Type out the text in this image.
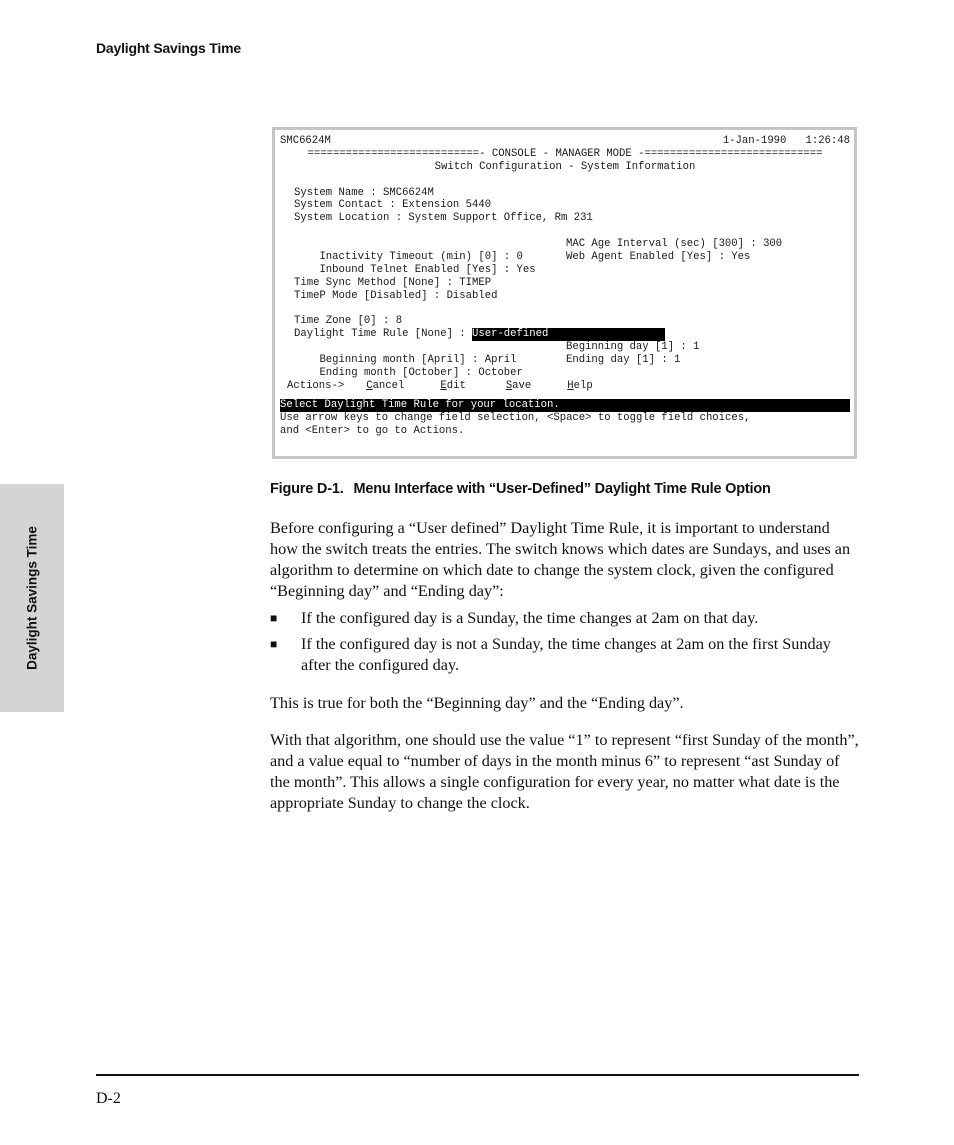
Daylight Savings Time
Daylight Savings Time
SMC6624M	1-Jan-1990 1:26:48
===========================- CONSOLE - MANAGER MODE -============================
Switch Configuration - System Information
System Name : SMC6624M
System Contact : Extension 5440
System Location : System Support Office, Rm 231

Inactivity Timeout (min) [0] : 0

MAC Age Interval (sec) [300] : 300

Inbound Telnet Enabled [Yes] : Yes

Web Agent Enabled [Yes] : Yes

Time Sync Method [None] : TIMEP
TimeP Mode [Disabled] : Disabled
Time Zone [0] : 8
Daylight Time Rule [None] : User-defined

Beginning month [April] : April

Beginning day [1] : 1

Ending month [October] : October

Ending day [1] : 1

Actions-> Cancel	Edit	Save	Help
Select Daylight Time Rule for your location.
Use arrow keys to change field selection, <Space> to toggle field choices,
and <Enter> to go to Actions.
Figure D-1. Menu Interface with “User-Defined” Daylight Time Rule Option

Before configuring a “User defined” Daylight Time Rule, it is important to understand how the switch treats the entries. The switch knows which dates are Sundays, and uses an algorithm to determine on which date to change the system clock, given the configured “Beginning day” and “Ending day”:

■	If the configured day is a Sunday, the time changes at 2am on that day.
■	If the configured day is not a Sunday, the time changes at 2am on the first Sunday after the configured day.

This is true for both the “Beginning day” and the “Ending day”.

With that algorithm, one should use the value “1” to represent “first Sunday of the month”, and a value equal to “number of days in the month minus 6” to represent “ast Sunday of the month”. This allows a single configuration for every year, no matter what date is the appropriate Sunday to change the clock.

D-2
